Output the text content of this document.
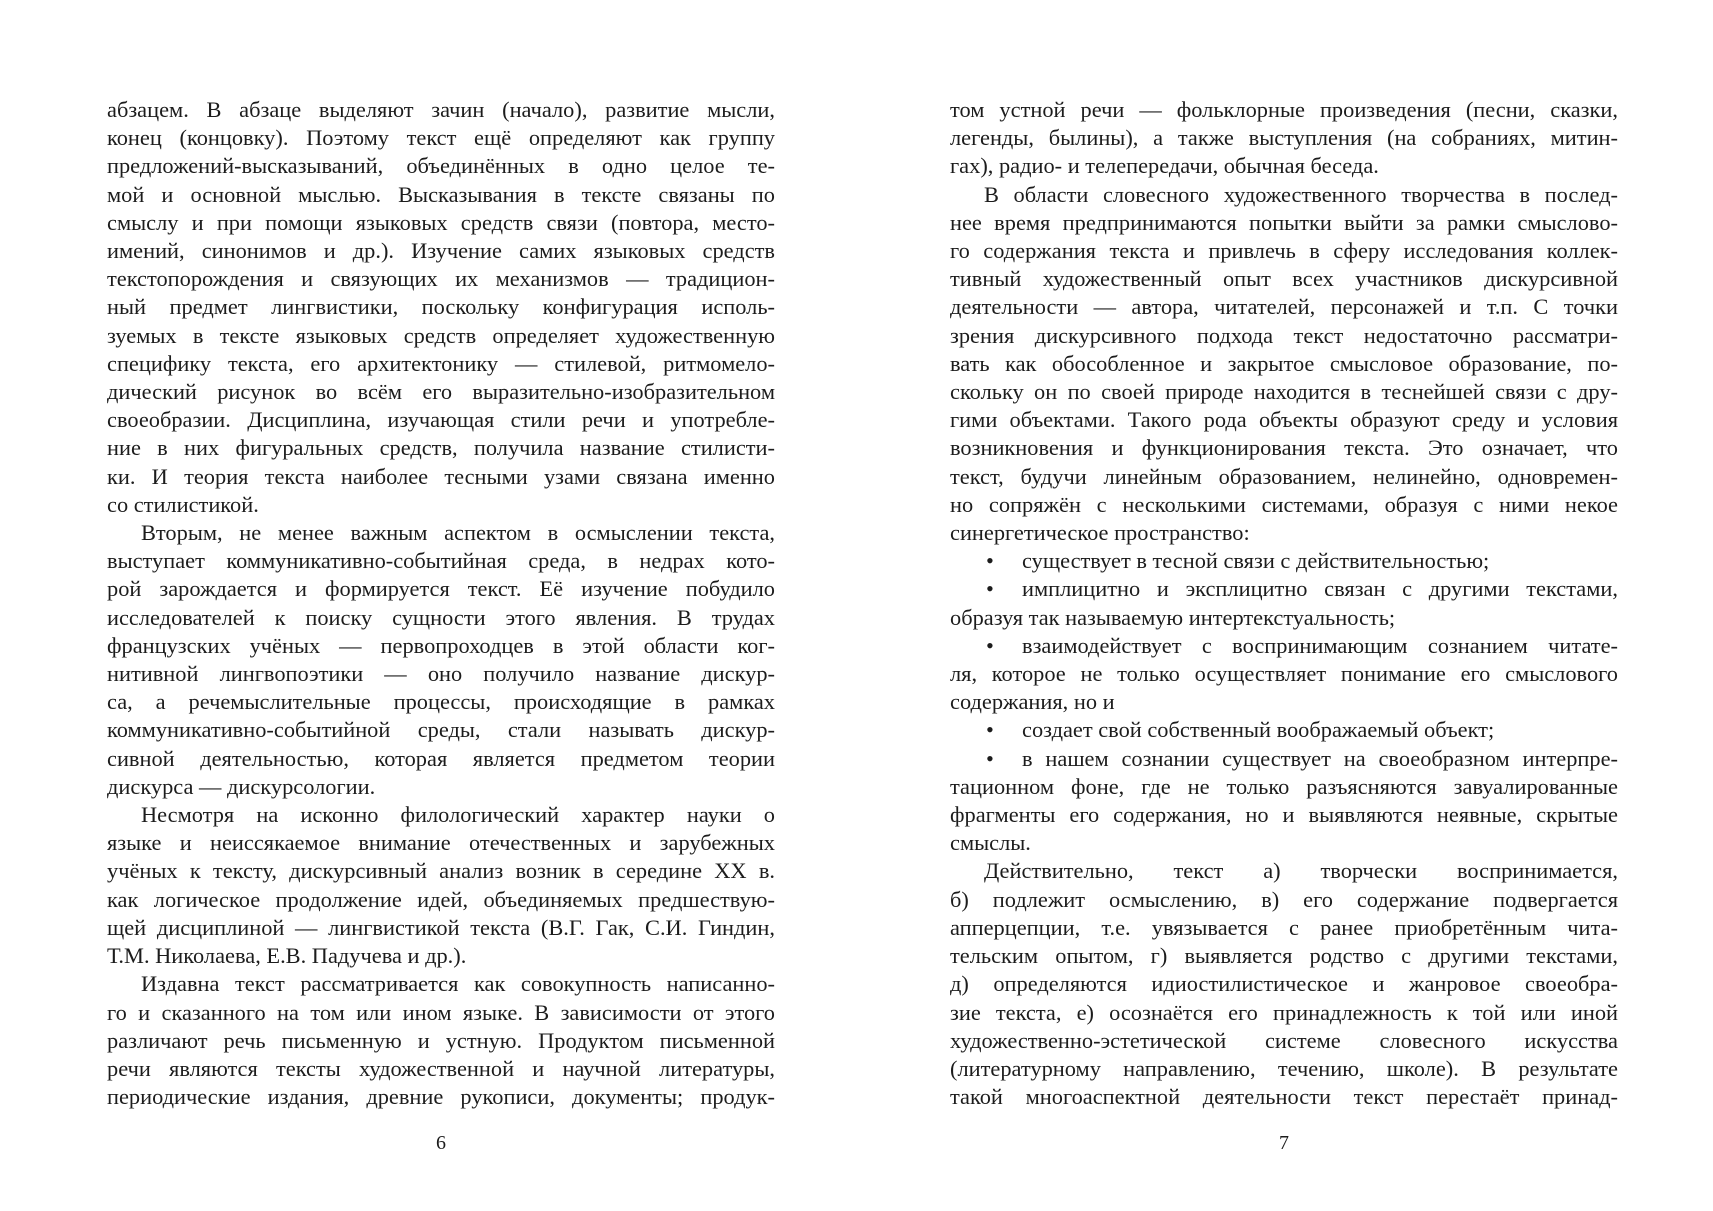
абзацем. В абзаце выделяют зачин (начало), развитие мысли,
конец (концовку). Поэтому текст ещё определяют как группу
предложений-высказываний, объединённых в одно целое те-
мой и основной мыслью. Высказывания в тексте связаны по
смыслу и при помощи языковых средств связи (повтора, место-
имений, синонимов и др.). Изучение самих языковых средств
текстопорождения и связующих их механизмов — традицион-
ный предмет лингвистики, поскольку конфигурация исполь-
зуемых в тексте языковых средств определяет художественную
специфику текста, его архитектонику — стилевой, ритмомело-
дический рисунок во всём его выразительно-изобразительном
своеобразии. Дисциплина, изучающая стили речи и употребле-
ние в них фигуральных средств, получила название стилисти-
ки. И теория текста наиболее тесными узами связана именно
со стилистикой.

Вторым, не менее важным аспектом в осмыслении текста,
выступает коммуникативно-событийная среда, в недрах кото-
рой зарождается и формируется текст. Её изучение побудило
исследователей к поиску сущности этого явления. В трудах
французских учёных — первопроходцев в этой области ког-
нитивной лингвопоэтики — оно получило название дискур-
са, а речемыслительные процессы, происходящие в рамках
коммуникативно-событийной среды, стали называть дискур-
сивной деятельностью, которая является предметом теории
дискурса — дискурсологии.

Несмотря на исконно филологический характер науки о
языке и неиссякаемое внимание отечественных и зарубежных
учёных к тексту, дискурсивный анализ возник в середине XX в.
как логическое продолжение идей, объединяемых предшествую-
щей дисциплиной — лингвистикой текста (В.Г. Гак, С.И. Гиндин,
Т.М. Николаева, Е.В. Падучева и др.).

Издавна текст рассматривается как совокупность написанно-
го и сказанного на том или ином языке. В зависимости от этого
различают речь письменную и устную. Продуктом письменной
речи являются тексты художественной и научной литературы,
периодические издания, древние рукописи, документы; продук-

6

том устной речи — фольклорные произведения (песни, сказки,
легенды, былины), а также выступления (на собраниях, митин-
гах), радио- и телепередачи, обычная беседа.

В области словесного художественного творчества в послед-
нее время предпринимаются попытки выйти за рамки смыслово-
го содержания текста и привлечь в сферу исследования коллек-
тивный художественный опыт всех участников дискурсивной
деятельности — автора, читателей, персонажей и т.п. С точки
зрения дискурсивного подхода текст недостаточно рассматри-
вать как обособленное и закрытое смысловое образование, по-
скольку он по своей природе находится в теснейшей связи с дру-
гими объектами. Такого рода объекты образуют среду и условия
возникновения и функционирования текста. Это означает, что
текст, будучи линейным образованием, нелинейно, одновремен-
но сопряжён с несколькими системами, образуя с ними некое
синергетическое пространство:

• существует в тесной связи с действительностью;

• имплицитно и эксплицитно связан с другими текстами,
образуя так называемую интертекстуальность;

• взаимодействует с воспринимающим сознанием читате-
ля, которое не только осуществляет понимание его смыслового
содержания, но и

• создает свой собственный воображаемый объект;

• в нашем сознании существует на своеобразном интерпре-
тационном фоне, где не только разъясняются завуалированные
фрагменты его содержания, но и выявляются неявные, скрытые
смыслы.

Действительно, текст а) творчески воспринимается,
б) подлежит осмыслению, в) его содержание подвергается
апперцепции, т.е. увязывается с ранее приобретённым чита-
тельским опытом, г) выявляется родство с другими текстами,
д) определяются идиостилистическое и жанровое своеобра-
зие текста, е) осознаётся его принадлежность к той или иной
художественно-эстетической системе словесного искусства
(литературному направлению, течению, школе). В результате
такой многоаспектной деятельности текст перестаёт принад-

7
